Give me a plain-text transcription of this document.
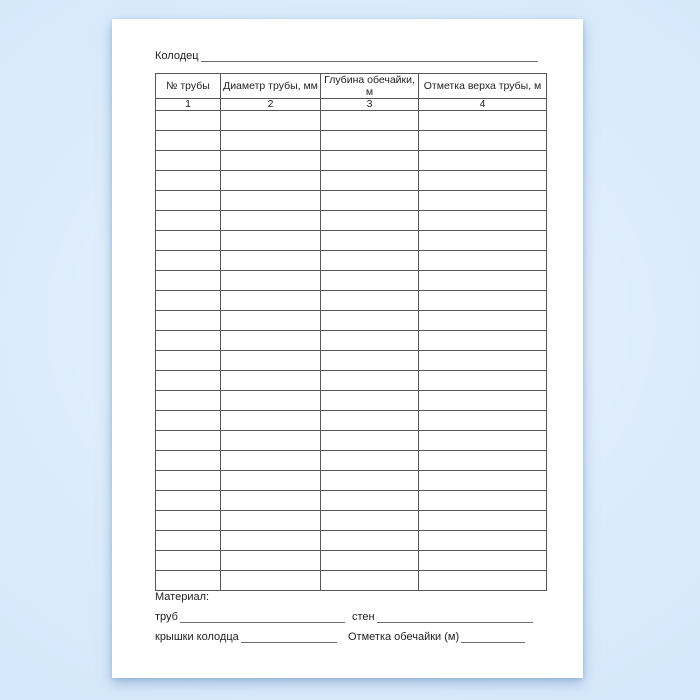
Колодец
№ трубы	Диаметр трубы, мм	Глубина обечайки, м	Отметка верха трубы, м
1	2	3	4

Материал:
труб	стен
крышки колодца	Отметка обечайки (м)
